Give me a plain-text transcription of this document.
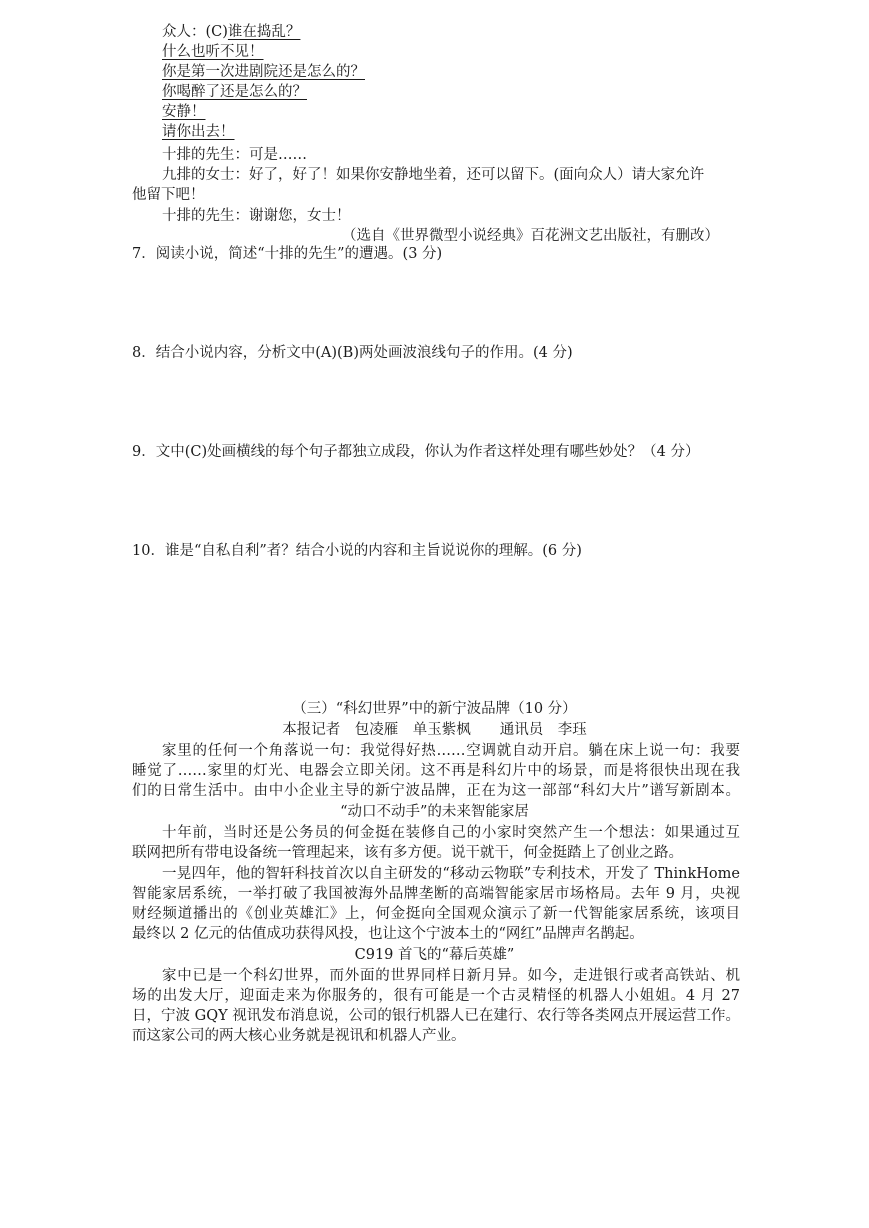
众人：(C)谁在捣乱？
什么也听不见！
你是第一次进剧院还是怎么的？
你喝醉了还是怎么的？
安静！
请你出去！
十排的先生：可是……
九排的女士：好了，好了！如果你安静地坐着，还可以留下。(面向众人）请大家允许
他留下吧！
十排的先生：谢谢您，女士！
（选自《世界微型小说经典》百花洲文艺出版社，有删改）
7．阅读小说，简述“十排的先生”的遭遇。(3 分)
8．结合小说内容，分析文中(A)(B)两处画波浪线句子的作用。(4 分)
9．文中(C)处画横线的每个句子都独立成段，你认为作者这样处理有哪些妙处？（4 分）
10．谁是“自私自利”者？结合小说的内容和主旨说说你的理解。(6 分)
（三）“科幻世界”中的新宁波品牌（10 分）
本报记者　包凌雁　单玉紫枫　　通讯员　李珏
家里的任何一个角落说一句：我觉得好热……空调就自动开启。躺在床上说一句：我要
睡觉了……家里的灯光、电器会立即关闭。这不再是科幻片中的场景，而是将很快出现在我
们的日常生活中。由中小企业主导的新宁波品牌，正在为这一部部“科幻大片”谱写新剧本。
“动口不动手”的未来智能家居
十年前，当时还是公务员的何金挺在装修自己的小家时突然产生一个想法：如果通过互
联网把所有带电设备统一管理起来，该有多方便。说干就干，何金挺踏上了创业之路。
一晃四年，他的智轩科技首次以自主研发的“移动云物联”专利技术，开发了 ThinkHome
智能家居系统，一举打破了我国被海外品牌垄断的高端智能家居市场格局。去年 9 月，央视
财经频道播出的《创业英雄汇》上，何金挺向全国观众演示了新一代智能家居系统，该项目
最终以 2 亿元的估值成功获得风投，也让这个宁波本土的“网红”品牌声名鹊起。
C919 首飞的“幕后英雄”
家中已是一个科幻世界，而外面的世界同样日新月异。如今，走进银行或者高铁站、机
场的出发大厅，迎面走来为你服务的，很有可能是一个古灵精怪的机器人小姐姐。4 月 27
日，宁波 GQY 视讯发布消息说，公司的银行机器人已在建行、农行等各类网点开展运营工作。
而这家公司的两大核心业务就是视讯和机器人产业。
